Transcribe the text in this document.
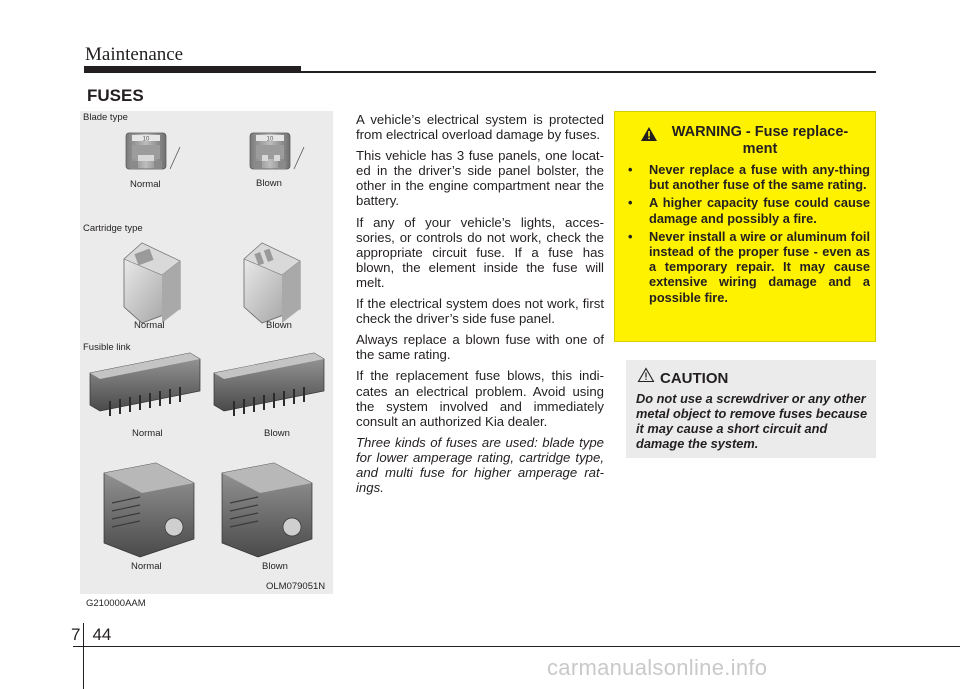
Maintenance
FUSES
10	10
Blade type
Normal	Blown
Cartridge type
Normal	Blown
Fusible link
Normal	Blown
Normal	Blown
OLM079051N
G210000AAM

A vehicle’s electrical system is protected from electrical overload damage by fuses.

This vehicle has 3 fuse panels, one locat-ed in the driver’s side panel bolster, the other in the engine compartment near the battery.

If any of your vehicle’s lights, acces-sories, or controls do not work, check the appropriate circuit fuse. If a fuse has blown, the element inside the fuse will melt.

If the electrical system does not work, first check the driver’s side fuse panel.

Always replace a blown fuse with one of the same rating.

If the replacement fuse blows, this indi-cates an electrical problem. Avoid using the system involved and immediately consult an authorized Kia dealer.

Three kinds of fuses are used: blade type for lower amperage rating, cartridge type, and multi fuse for higher amperage rat-ings.

WARNING - Fuse replace-
ment
• Never replace a fuse with any-thing but another fuse of the same rating.
• A higher capacity fuse could cause damage and possibly a fire.
• Never install a wire or aluminum foil instead of the proper fuse - even as a temporary repair. It may cause extensive wiring damage and a possible fire.
CAUTION
Do not use a screwdriver or any other metal object to remove fuses because it may cause a short circuit and damage the system.
7 44
carmanualsonline.info
